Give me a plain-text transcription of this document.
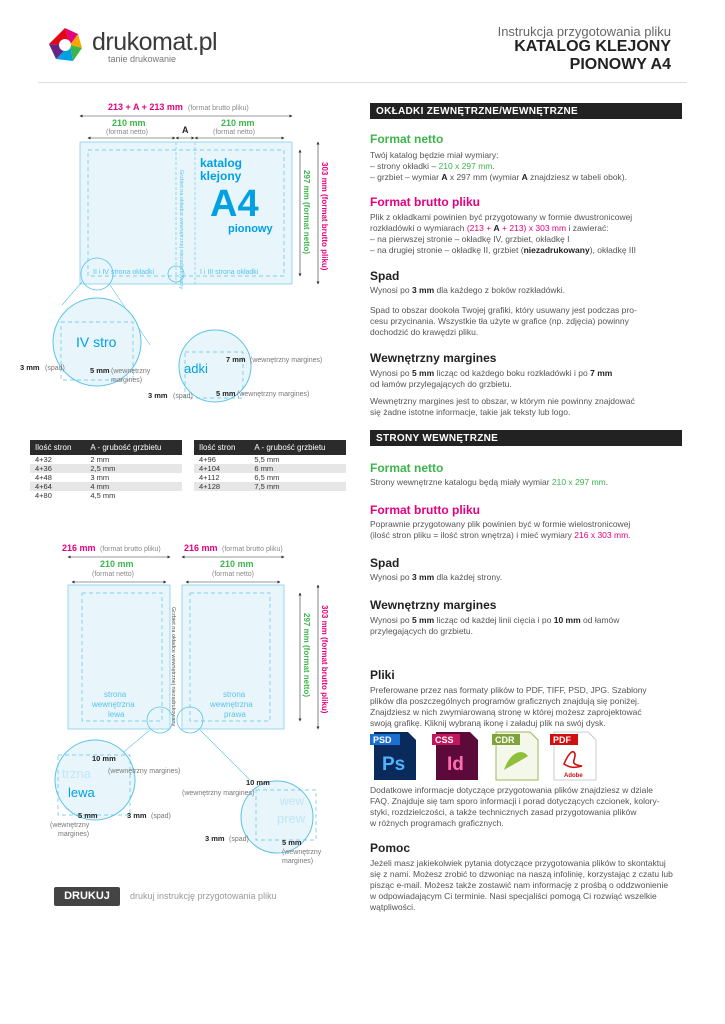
drukomat.pl
tanie drukowanie
Instrukcja przygotowania pliku
KATALOG KLEJONY
PIONOWY A4
213 + A + 213 mm (format brutto pliku)
210 mm
(format netto)	A
210 mm
(format netto)
katalog
klejony
A4
pionowy
II i IV strona okładki	I i III strona okładki
Grzbiet na okładce wewnętrznej niezadrukowany	297 mm (format netto) 303 mm (format brutto pliku)
IV stro
3 mm (spad)	5 mm (wewnętrzny
margines)
adki
7 mm (wewnętrzny margines)
5 mm (wewnętrzny margines)
3 mm (spad)
Ilość stron	A - grubość grzbietu
4+32	2 mm
4+36	2,5 mm
4+48	3 mm
4+64	4 mm
4+80	4,5 mm
Ilość stron	A - grubość grzbietu
4+96	5,5 mm
4+104	6 mm
4+112	6,5 mm
4+128	7,5 mm
216 mm (format brutto pliku)	216 mm (format brutto pliku)
210 mm
(format netto)
210 mm
(format netto)
strona
wewnętrzna
lewa
strona
wewnętrzna
prawa
Grzbiet na okładce wewnętrznej niezadrukowany	297 mm (format netto) 303 mm (format brutto pliku)
trzna
lewa
10 mm
(wewnętrzny margines)
5 mm
(wewnętrzny
margines)
3 mm (spad)
wew
prew
10 mm
(wewnętrzny margines)
3 mm (spad)	5 mm
(wewnętrzny
margines)
OKŁADKI ZEWNĘTRZNE/WEWNĘTRZNE
Format netto
Twój katalog będzie miał wymiary:
– strony okładki – 210 x 297 mm.
– grzbiet – wymiar A x 297 mm (wymiar A znajdziesz w tabeli obok).
Format brutto pliku
Plik z okładkami powinien być przygotowany w formie dwustronicowej
rozkładówki o wymiarach (213 + A + 213) x 303 mm i zawierać:
– na pierwszej stronie – okładkę IV, grzbiet, okładkę I
– na drugiej stronie – okładkę II, grzbiet (niezadrukowany), okładkę III
Spad
Wynosi po 3 mm dla każdego z boków rozkładówki.
Spad to obszar dookoła Twojej grafiki, który usuwany jest podczas pro-
cesu przycinania. Wszystkie tła użyte w grafice (np. zdjęcia) powinny
dochodzić do krawędzi pliku.
Wewnętrzny margines
Wynosi po 5 mm licząc od każdego boku rozkładówki i po 7 mm
od łamów przylegających do grzbietu.
Wewnętrzny margines jest to obszar, w którym nie powinny znajdować
się żadne istotne informacje, takie jak teksty lub logo.
STRONY WEWNĘTRZNE
Format netto
Strony wewnętrzne katalogu będą miały wymiar 210 x 297 mm.
Format brutto pliku
Poprawnie przygotowany plik powinien być w formie wielostronicowej
(ilość stron pliku = ilość stron wnętrza) i mieć wymiary 216 x 303 mm.
Spad
Wynosi po 3 mm dla każdej strony.
Wewnętrzny margines
Wynosi po 5 mm licząc od każdej linii cięcia i po 10 mm od łamów
przylegających do grzbietu.
Pliki
Preferowane przez nas formaty plików to PDF, TIFF, PSD, JPG. Szablony
plików dla poszczególnych programów graficznych znajdują się poniżej.
Znajdziesz w nich zwymiarowaną stronę w której możesz zaprojektować
swoją grafikę. Kliknij wybraną ikonę i załaduj plik na swój dysk.
PSD
Ps
CSS
Id
CDR	PDF
Adobe
Dodatkowe informacje dotyczące przygotowania plików znajdziesz w dziale
FAQ. Znajduje się tam sporo informacji i porad dotyczących czcionek, kolory-
styki, rozdzielczości, a także technicznych zasad przygotowania plików
w różnych programach graficznych.
Pomoc
Jeżeli masz jakiekolwiek pytania dotyczące przygotowania plików to skontaktuj
się z nami. Możesz zrobić to dzwoniąc na naszą infolinię, korzystając z czatu lub
pisząc e-mail. Możesz także zostawić nam informację z prośbą o oddzwonienie
w odpowiadającym Ci terminie. Nasi specjaliści pomogą Ci rozwiąć wszelkie
wątpliwości.
DRUKUJ	drukuj instrukcję przygotowania pliku
